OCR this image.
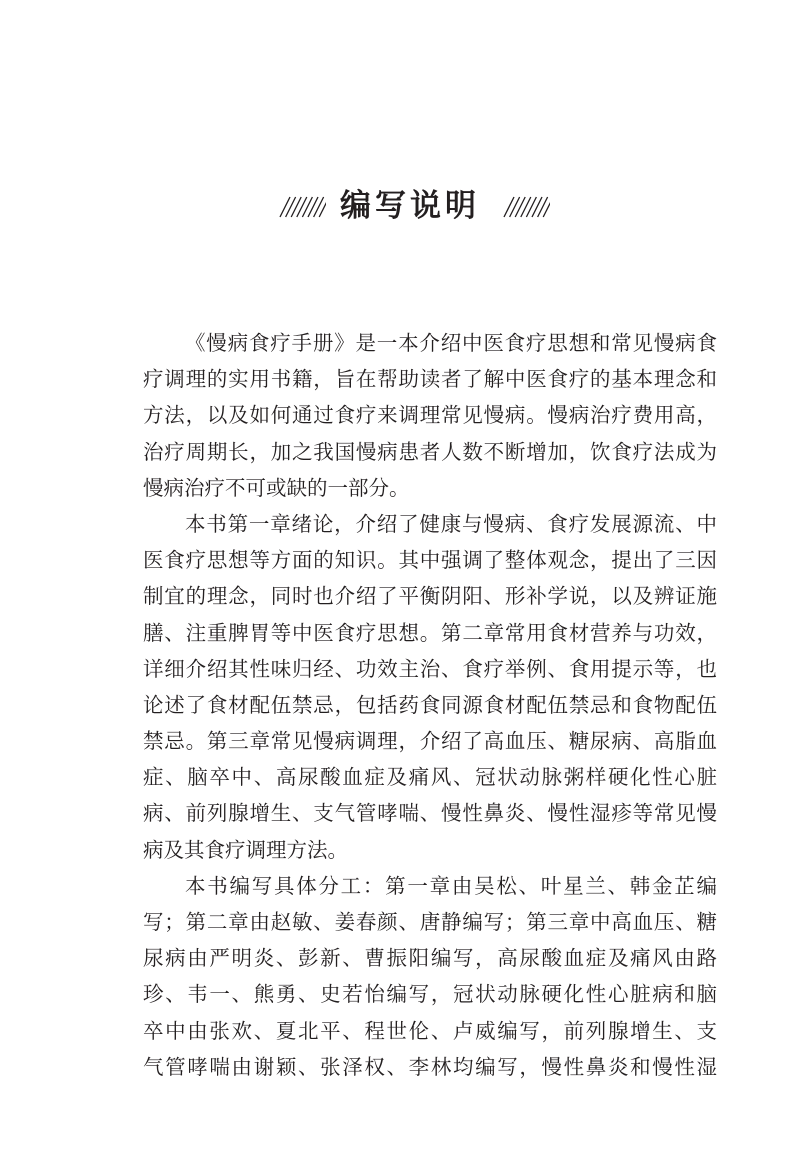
编写说明
《慢病食疗手册》是一本介绍中医食疗思想和常见慢病食
疗调理的实用书籍，旨在帮助读者了解中医食疗的基本理念和
方法，以及如何通过食疗来调理常见慢病。慢病治疗费用高，
治疗周期长，加之我国慢病患者人数不断增加，饮食疗法成为
慢病治疗不可或缺的一部分。
本书第一章绪论，介绍了健康与慢病、食疗发展源流、中
医食疗思想等方面的知识。其中强调了整体观念，提出了三因
制宜的理念，同时也介绍了平衡阴阳、形补学说，以及辨证施
膳、注重脾胃等中医食疗思想。第二章常用食材营养与功效，
详细介绍其性味归经、功效主治、食疗举例、食用提示等，也
论述了食材配伍禁忌，包括药食同源食材配伍禁忌和食物配伍
禁忌。第三章常见慢病调理，介绍了高血压、糖尿病、高脂血
症、脑卒中、高尿酸血症及痛风、冠状动脉粥样硬化性心脏
病、前列腺增生、支气管哮喘、慢性鼻炎、慢性湿疹等常见慢
病及其食疗调理方法。
本书编写具体分工：第一章由吴松、叶星兰、韩金芷编
写；第二章由赵敏、姜春颜、唐静编写；第三章中高血压、糖
尿病由严明炎、彭新、曹振阳编写，高尿酸血症及痛风由路
珍、韦一、熊勇、史若怡编写，冠状动脉硬化性心脏病和脑
卒中由张欢、夏北平、程世伦、卢威编写，前列腺增生、支
气管哮喘由谢颖、张泽权、李林均编写，慢性鼻炎和慢性湿
